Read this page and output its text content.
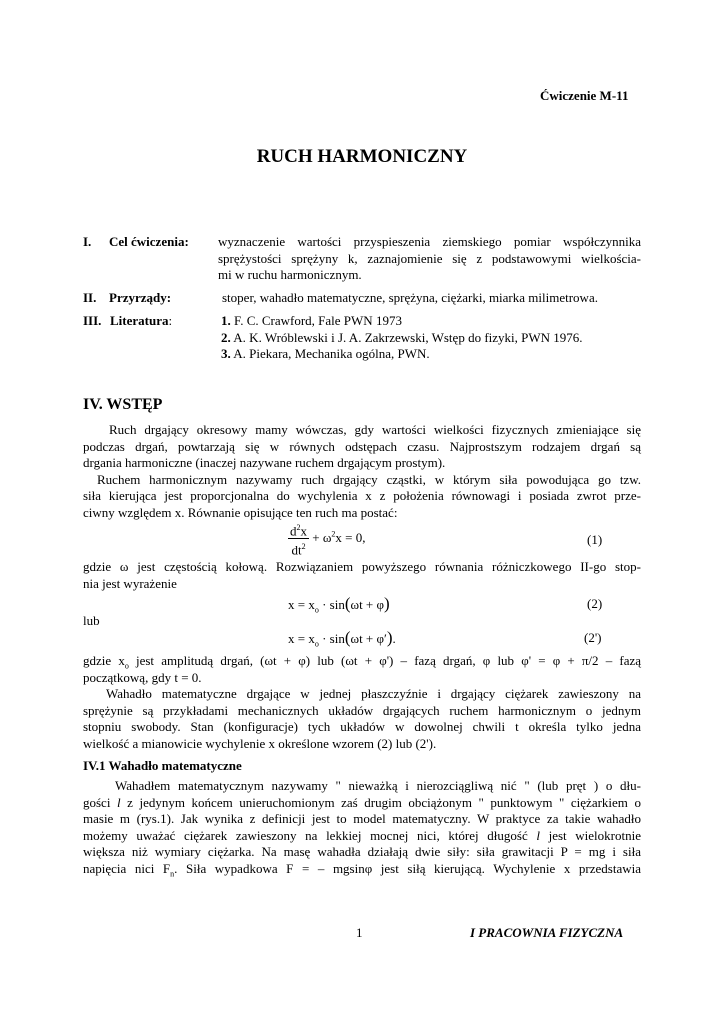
Ćwiczenie M-11
RUCH HARMONICZNY
I. Cel ćwiczenia: wyznaczenie wartości przyspieszenia ziemskiego pomiar współczynnika
sprężystości sprężyny k, zaznajomienie się z podstawowymi wielkościa-
mi w ruchu harmonicznym.
II. Przyrządy:	stoper, wahadło matematyczne, sprężyna, ciężarki, miarka milimetrowa.
III. Literatura:	1. F. C. Crawford, Fale PWN 1973
2. A. K. Wróblewski i J. A. Zakrzewski, Wstęp do fizyki, PWN 1976.
3. A. Piekara, Mechanika ogólna, PWN.
IV. WSTĘP
Ruch drgający okresowy mamy wówczas, gdy wartości wielkości fizycznych zmieniające się
podczas drgań, powtarzają się w równych odstępach czasu. Najprostszym rodzajem drgań są
drgania harmoniczne (inaczej nazywane ruchem drgającym prostym).
Ruchem harmonicznym nazywamy ruch drgający cząstki, w którym siła powodująca go tzw.
siła kierująca jest proporcjonalna do wychylenia x z położenia równowagi i posiada zwrot prze-
ciwny względem x. Równanie opisujące ten ruch ma postać:
$\frac{d^2x}{dt^2} + \omega^2x = 0$,	(1)
gdzie ω jest częstością kołową. Rozwiązaniem powyższego równania różniczkowego II-go stop-
nia jest wyrażenie
$x = x_o \cdot \sin(\omega t + \varphi)$	(2)
lub
$x = x_o \cdot \sin(\omega t + \varphi')$.	(2')
gdzie $x_o$ jest amplitudą drgań, (ωt + φ) lub (ωt + φ') – fazą drgań, φ lub φ' = φ + π/2 – fazą
początkową, gdy t = 0.
Wahadło matematyczne drgające w jednej płaszczyźnie i drgający ciężarek zawieszony na
sprężynie są przykładami mechanicznych układów drgających ruchem harmonicznym o jednym
stopniu swobody. Stan (konfiguracje) tych układów w dowolnej chwili t określa tylko jedna
wielkość a mianowicie wychylenie x określone wzorem (2) lub (2').
IV.1 Wahadło matematyczne
Wahadłem matematycznym nazywamy " nieważką i nierozciągliwą nić " (lub pręt ) o dłu-
gości l z jedynym końcem unieruchomionym zaś drugim obciążonym " punktowym " ciężarkiem o
masie m (rys.1). Jak wynika z definicji jest to model matematyczny. W praktyce za takie wahadło
możemy uważać ciężarek zawieszony na lekkiej mocnej nici, której długość l jest wielokrotnie
większa niż wymiary ciężarka. Na masę wahadła działają dwie siły: siła grawitacji P = mg i siła
napięcia nici $F_n$. Siła wypadkowa F = – mgsinφ jest siłą kierującą. Wychylenie x przedstawia
1	I PRACOWNIA FIZYCZNA
